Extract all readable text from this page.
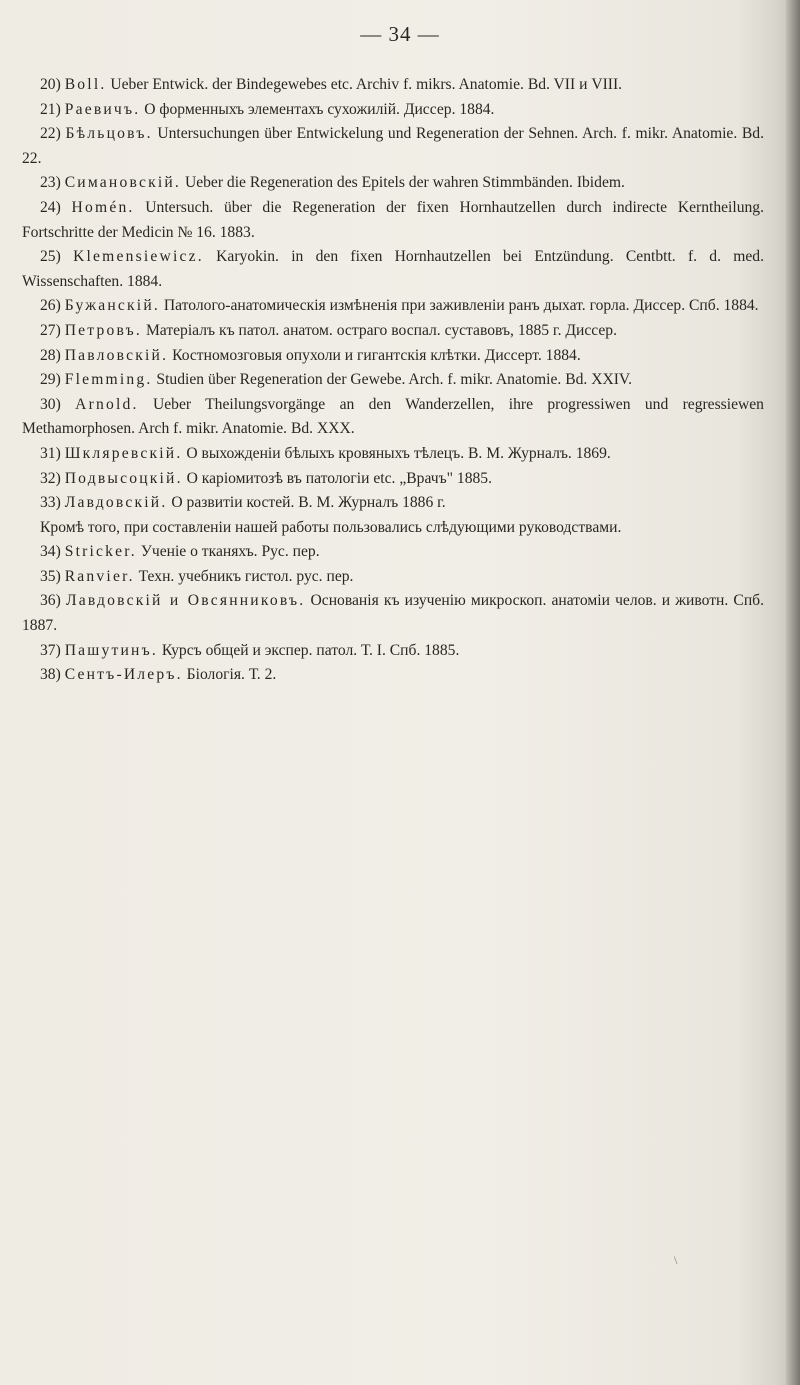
— 34 —

20) Boll. Ueber Entwick. der Bindegewebes etc. Archiv f. mikrs. Anatomie. Bd. VII и VIII.

21) Раевичъ. О форменныхъ элементахъ сухожилій. Диссер. 1884.

22) Бѣльцовъ. Untersuchungen über Entwickelung und Regeneration der Sehnen. Arch. f. mikr. Anatomie. Bd. 22.

23) Симановскій. Ueber die Regeneration des Epitels der wahren Stimmbänden. Ibidem.

24) Homén. Untersuch. über die Regeneration der fixen Hornhautzellen durch indirecte Kerntheilung. Fortschritte der Medicin № 16. 1883.

25) Klemensiewicz. Karyokin. in den fixen Hornhautzellen bei Entzündung. Centbtt. f. d. med. Wissenschaften. 1884.

26) Бужанскій. Патолого-анатомическія измѣненія при заживленіи ранъ дыхат. горла. Диссер. Спб. 1884.

27) Петровъ. Матеріалъ къ патол. анатом. остраго воспал. суставовъ, 1885 г. Диссер.

28) Павловскій. Костномозговыя опухоли и гигантскія клѣтки. Диссерт. 1884.

29) Flemming. Studien über Regeneration der Gewebe. Arch. f. mikr. Anatomie. Bd. XXIV.

30) Arnold. Ueber Theilungsvorgänge an den Wanderzellen, ihre progressiwen und regressiewen Methamorphosen. Arch f. mikr. Anatomie. Bd. XXX.

31) Шкляревскій. О выхожденіи бѣлыхъ кровяныхъ тѣлецъ. В. М. Журналъ. 1869.

32) Подвысоцкій. О каріомитозѣ въ патологіи etc. „Врачъ" 1885.

33) Лавдовскій. О развитіи костей. В. М. Журналъ 1886 г.

Кромѣ того, при составленіи нашей работы пользовались слѣдующими руководствами.

34) Stricker. Ученіе о тканяхъ. Рус. пер.

35) Ranvier. Техн. учебникъ гистол. рус. пер.

36) Лавдовскій и Овсянниковъ. Основанія къ изученію микроскоп. анатоміи челов. и животн. Спб. 1887.

37) Пашутинъ. Курсъ общей и экспер. патол. Т. I. Спб. 1885.

38) Сентъ-Илеръ. Біологія. Т. 2.

\
